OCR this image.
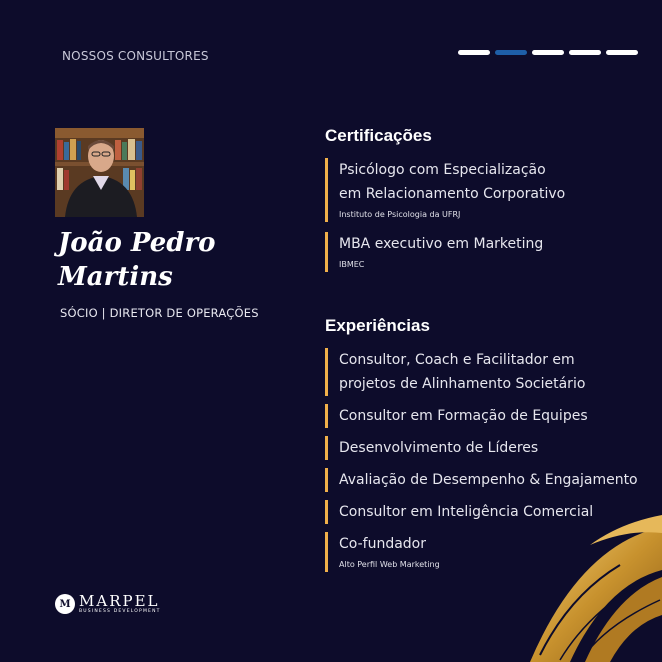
NOSSOS CONSULTORES
João Pedro
Martins
SÓCIO | DIRETOR DE OPERAÇÕES
Certificações
Psicólogo com Especialização
em Relacionamento Corporativo
Instituto de Psicologia da UFRJ
MBA executivo em Marketing
IBMEC
Experiências
Consultor, Coach e Facilitador em
projetos de Alinhamento Societário
Consultor em Formação de Equipes
Desenvolvimento de Líderes
Avaliação de Desempenho & Engajamento
Consultor em Inteligência Comercial
Co-fundador
Alto Perfil Web Marketing
M MARPEL
BUSINESS DEVELOPMENT
